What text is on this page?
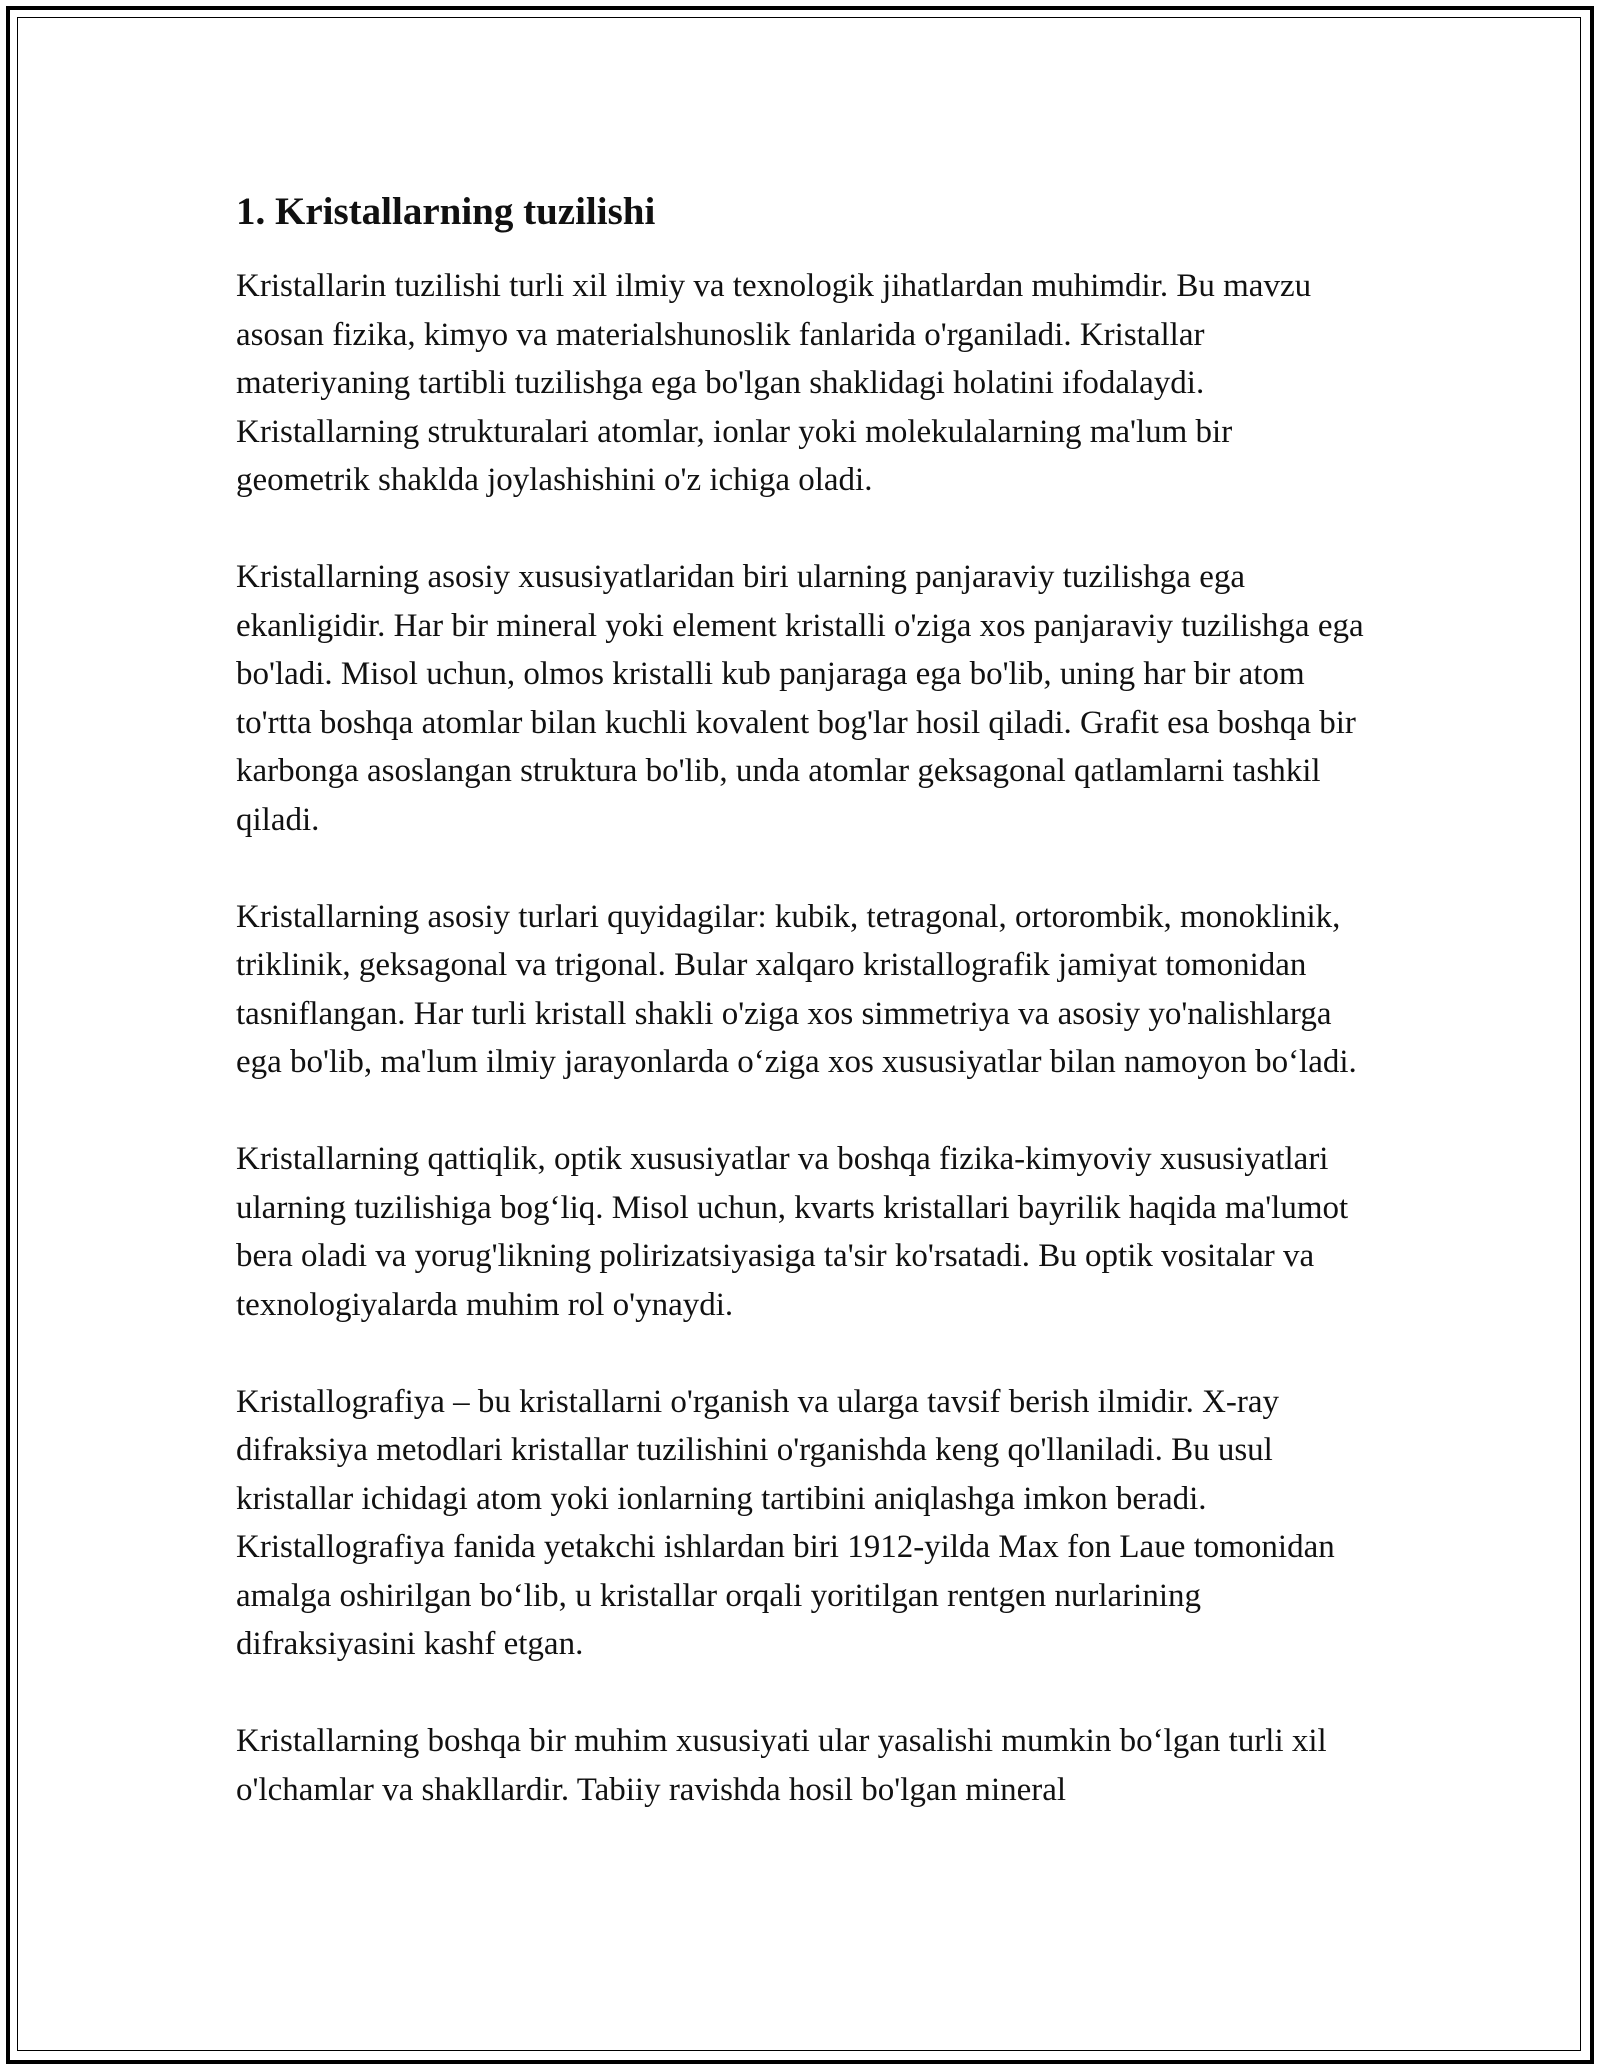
1. Kristallarning tuzilishi

Kristallarin tuzilishi turli xil ilmiy va texnologik jihatlardan muhimdir. Bu mavzu asosan fizika, kimyo va materialshunoslik fanlarida o'rganiladi. Kristallar materiyaning tartibli tuzilishga ega bo'lgan shaklidagi holatini ifodalaydi. Kristallarning strukturalari atomlar, ionlar yoki molekulalarning ma'lum bir geometrik shaklda joylashishini o'z ichiga oladi.

Kristallarning asosiy xususiyatlaridan biri ularning panjaraviy tuzilishga ega ekanligidir. Har bir mineral yoki element kristalli o'ziga xos panjaraviy tuzilishga ega bo'ladi. Misol uchun, olmos kristalli kub panjaraga ega bo'lib, uning har bir atom to'rtta boshqa atomlar bilan kuchli kovalent bog'lar hosil qiladi. Grafit esa boshqa bir karbonga asoslangan struktura bo'lib, unda atomlar geksagonal qatlamlarni tashkil qiladi.

Kristallarning asosiy turlari quyidagilar: kubik, tetragonal, ortorombik, monoklinik, triklinik, geksagonal va trigonal. Bular xalqaro kristallografik jamiyat tomonidan tasniflangan. Har turli kristall shakli o'ziga xos simmetriya va asosiy yo'nalishlarga ega bo'lib, ma'lum ilmiy jarayonlarda o‘ziga xos xususiyatlar bilan namoyon bo‘ladi.

Kristallarning qattiqlik, optik xususiyatlar va boshqa fizika-kimyoviy xususiyatlari ularning tuzilishiga bog‘liq. Misol uchun, kvarts kristallari bayrilik haqida ma'lumot bera oladi va yorug'likning polirizatsiyasiga ta'sir ko'rsatadi. Bu optik vositalar va texnologiyalarda muhim rol o'ynaydi.

Kristallografiya – bu kristallarni o'rganish va ularga tavsif berish ilmidir. X-ray difraksiya metodlari kristallar tuzilishini o'rganishda keng qo'llaniladi. Bu usul kristallar ichidagi atom yoki ionlarning tartibini aniqlashga imkon beradi. Kristallografiya fanida yetakchi ishlardan biri 1912-yilda Max fon Laue tomonidan amalga oshirilgan bo‘lib, u kristallar orqali yoritilgan rentgen nurlarining difraksiyasini kashf etgan.

Kristallarning boshqa bir muhim xususiyati ular yasalishi mumkin bo‘lgan turli xil o'lchamlar va shakllardir. Tabiiy ravishda hosil bo'lgan mineral
